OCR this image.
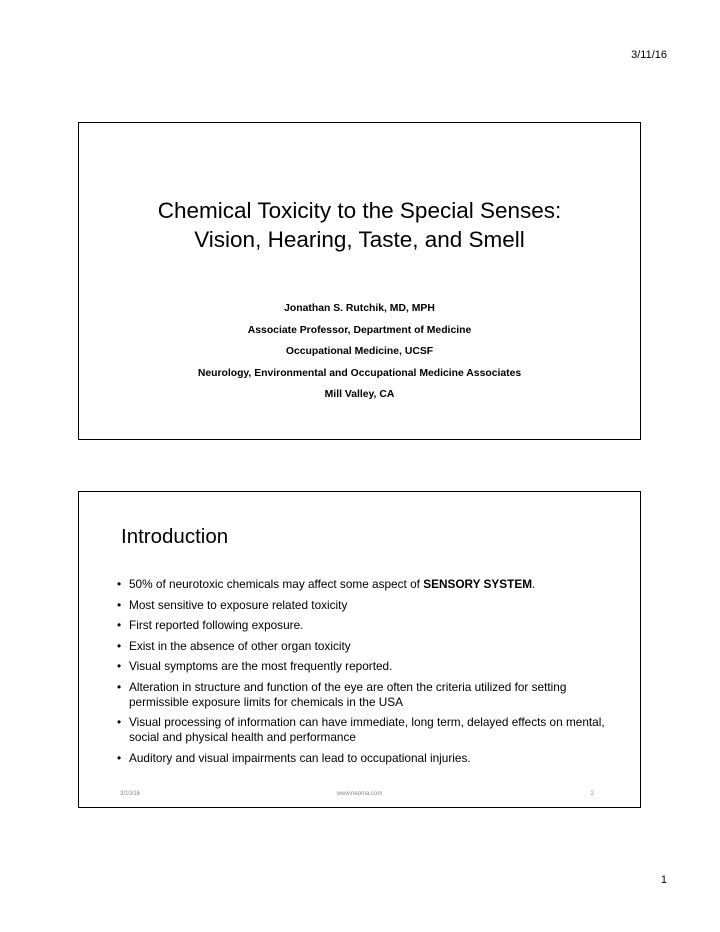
3/11/16
Chemical Toxicity to the Special Senses:
Vision, Hearing, Taste, and Smell
Jonathan S. Rutchik, MD, MPH
Associate Professor, Department of Medicine
Occupational Medicine, UCSF
Neurology, Environmental and Occupational Medicine Associates
Mill Valley, CA
Introduction
• 50% of neurotoxic chemicals may affect some aspect of SENSORY SYSTEM.
• Most sensitive to exposure related toxicity
• First reported following exposure.
• Exist in the absence of other organ toxicity
• Visual symptoms are the most frequently reported.
• Alteration in structure and function of the eye are often the criteria utilized for setting permissible exposure limits for chemicals in the USA
• Visual processing of information can have immediate, long term, delayed effects on mental, social and physical health and performance
• Auditory and visual impairments can lead to occupational injuries.
3/10/16	www.neoma.com	2
1
